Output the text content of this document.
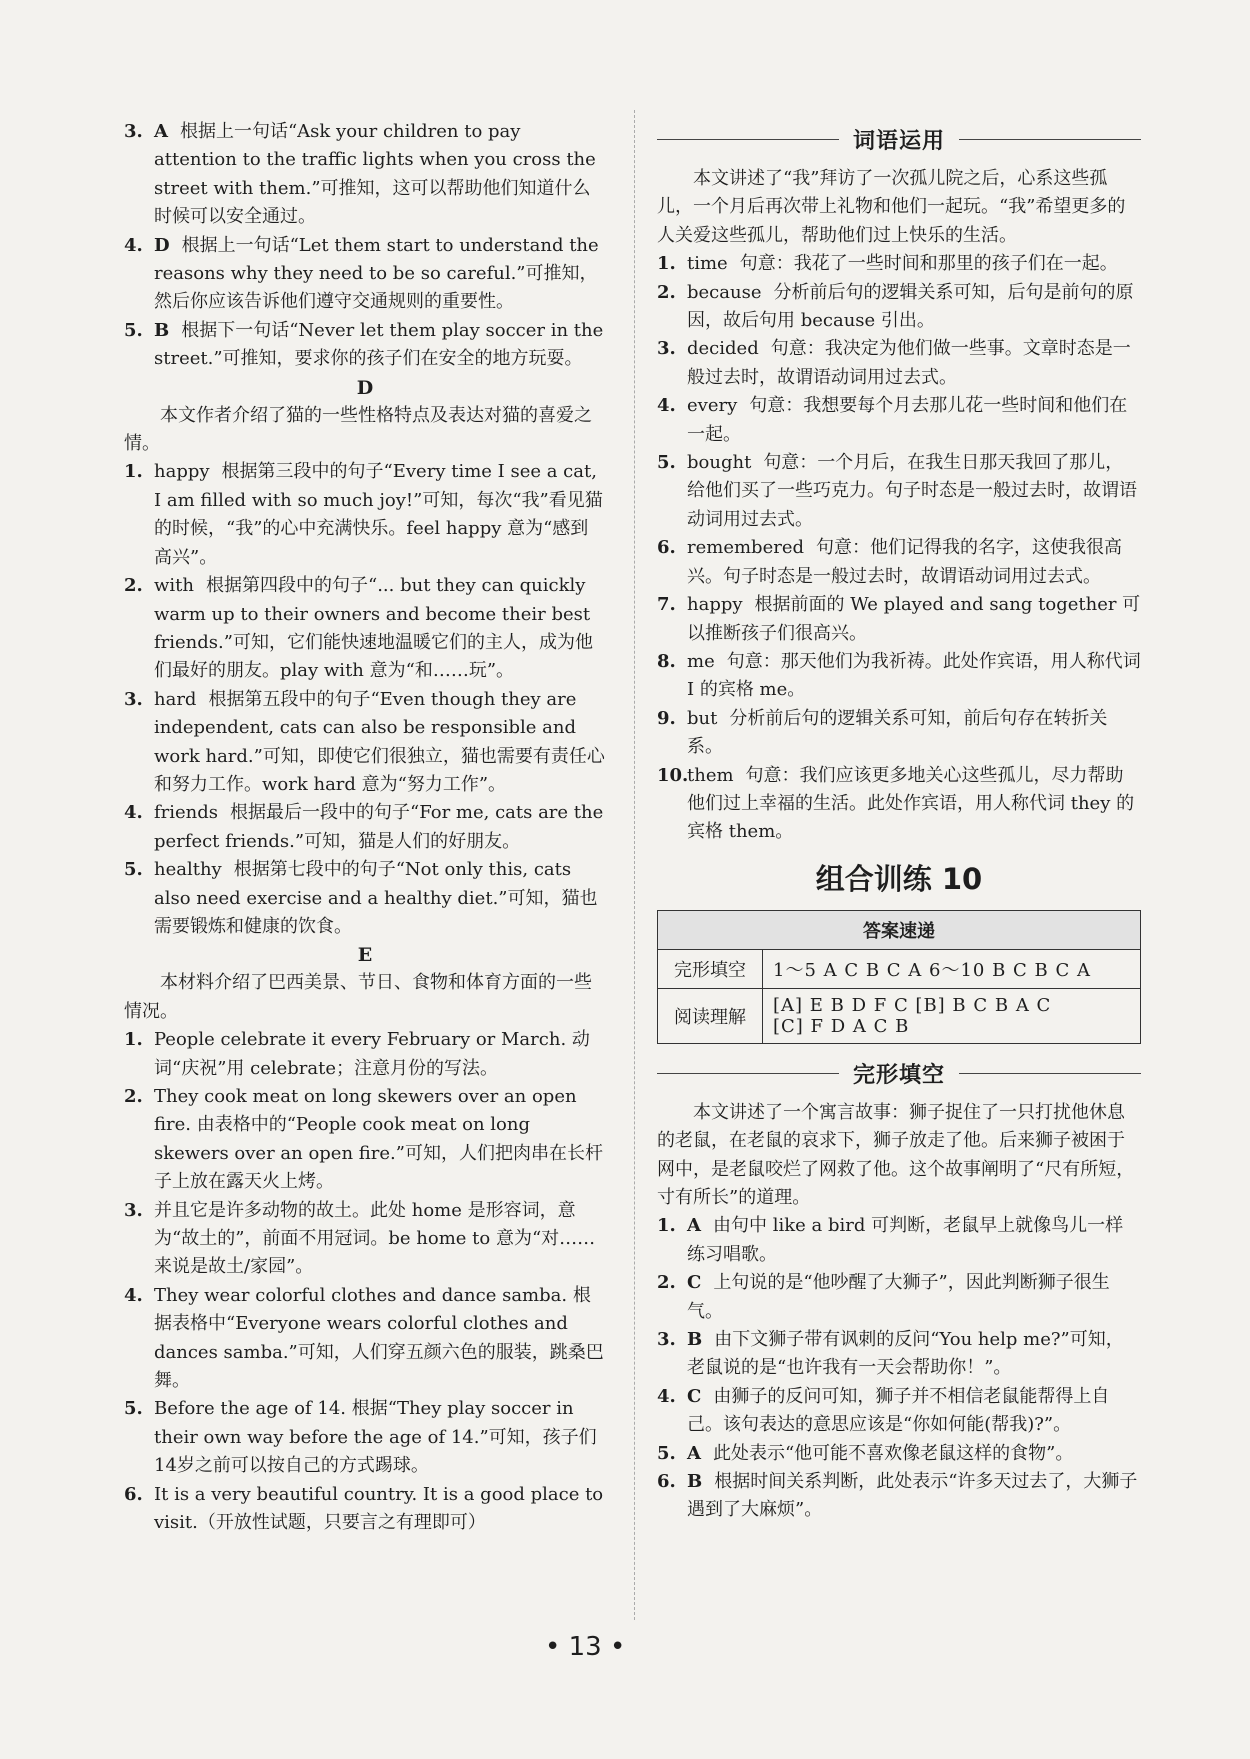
3. A 根据上一句话“Ask your children to pay attention to the traffic lights when you cross the street with them.”可推知，这可以帮助他们知道什么时候可以安全通过。

4. D 根据上一句话“Let them start to understand the reasons why they need to be so careful.”可推知，然后你应该告诉他们遵守交通规则的重要性。

5. B 根据下一句话“Never let them play soccer in the street.”可推知，要求你的孩子们在安全的地方玩耍。

D

本文作者介绍了猫的一些性格特点及表达对猫的喜爱之情。

1. happy 根据第三段中的句子“Every time I see a cat, I am filled with so much joy!”可知，每次“我”看见猫的时候，“我”的心中充满快乐。feel happy 意为“感到高兴”。

2. with 根据第四段中的句子“... but they can quickly warm up to their owners and become their best friends.”可知，它们能快速地温暖它们的主人，成为他们最好的朋友。play with 意为“和……玩”。

3. hard 根据第五段中的句子“Even though they are independent, cats can also be responsible and work hard.”可知，即使它们很独立，猫也需要有责任心和努力工作。work hard 意为“努力工作”。

4. friends 根据最后一段中的句子“For me, cats are the perfect friends.”可知，猫是人们的好朋友。

5. healthy 根据第七段中的句子“Not only this, cats also need exercise and a healthy diet.”可知，猫也需要锻炼和健康的饮食。

E

本材料介绍了巴西美景、节日、食物和体育方面的一些情况。

1. People celebrate it every February or March. 动词“庆祝”用 celebrate；注意月份的写法。

2. They cook meat on long skewers over an open fire. 由表格中的“People cook meat on long skewers over an open fire.”可知，人们把肉串在长杆子上放在露天火上烤。

3. 并且它是许多动物的故土。此处 home 是形容词，意为“故土的”，前面不用冠词。be home to 意为“对……来说是故土/家园”。

4. They wear colorful clothes and dance samba. 根据表格中“Everyone wears colorful clothes and dances samba.”可知，人们穿五颜六色的服装，跳桑巴舞。

5. Before the age of 14. 根据“They play soccer in their own way before the age of 14.”可知，孩子们14岁之前可以按自己的方式踢球。

6. It is a very beautiful country. It is a good place to visit.（开放性试题，只要言之有理即可）

词语运用

本文讲述了“我”拜访了一次孤儿院之后，心系这些孤儿，一个月后再次带上礼物和他们一起玩。“我”希望更多的人关爱这些孤儿，帮助他们过上快乐的生活。

1. time 句意：我花了一些时间和那里的孩子们在一起。

2. because 分析前后句的逻辑关系可知，后句是前句的原因，故后句用 because 引出。

3. decided 句意：我决定为他们做一些事。文章时态是一般过去时，故谓语动词用过去式。

4. every 句意：我想要每个月去那儿花一些时间和他们在一起。

5. bought 句意：一个月后，在我生日那天我回了那儿，给他们买了一些巧克力。句子时态是一般过去时，故谓语动词用过去式。

6. remembered 句意：他们记得我的名字，这使我很高兴。句子时态是一般过去时，故谓语动词用过去式。

7. happy 根据前面的 We played and sang together 可以推断孩子们很高兴。

8. me 句意：那天他们为我祈祷。此处作宾语，用人称代词 I 的宾格 me。

9. but 分析前后句的逻辑关系可知，前后句存在转折关系。

10.
them 句意：我们应该更多地关心这些孤儿，尽力帮助他们过上幸福的生活。此处作宾语，用人称代词 they 的宾格 them。

组合训练 10
答案速递	
完形填空	1～5 A C B C A 6～10 B C B C A
阅读理解	[A] E B D F C [B] B C B A C
[C] F D A C B
完形填空

本文讲述了一个寓言故事：狮子捉住了一只打扰他休息的老鼠，在老鼠的哀求下，狮子放走了他。后来狮子被困于网中，是老鼠咬烂了网救了他。这个故事阐明了“尺有所短，寸有所长”的道理。

1. A 由句中 like a bird 可判断，老鼠早上就像鸟儿一样练习唱歌。

2. C 上句说的是“他吵醒了大狮子”，因此判断狮子很生气。

3. B 由下文狮子带有讽刺的反问“You help me?”可知，老鼠说的是“也许我有一天会帮助你！”。

4. C 由狮子的反问可知，狮子并不相信老鼠能帮得上自己。该句表达的意思应该是“你如何能(帮我)?”。

5. A 此处表示“他可能不喜欢像老鼠这样的食物”。

6. B 根据时间关系判断，此处表示“许多天过去了，大狮子遇到了大麻烦”。

• 13 •
